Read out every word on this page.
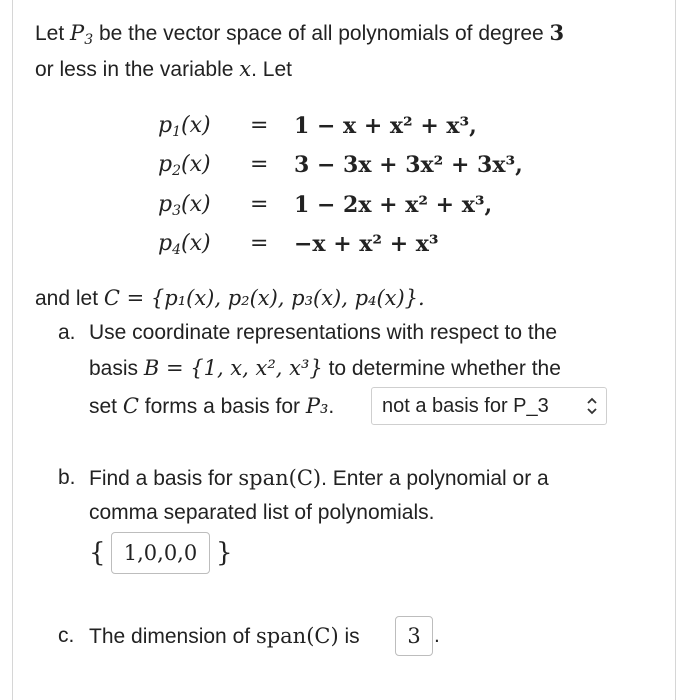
Let $P_3$ be the vector space of all polynomials of degree 3
or less in the variable x. Let
$p_1(x)$	= 1 − x + x² + x³,
$p_2(x)$	= 3 − 3x + 3x² + 3x³,
$p_3(x)$	= 1 − 2x + x² + x³,
$p_4(x)$	= −x + x² + x³
and let C = {p₁(x), p₂(x), p₃(x), p₄(x)}.
a. Use coordinate representations with respect to the
basis B = {1, x, x², x³} to determine whether the
set C forms a basis for P₃.	not a basis for P_3
b. Find a basis for span(C). Enter a polynomial or a
comma separated list of polynomials.
{ 1,0,0,0 }
c. The dimension of span(C) is	3 .
